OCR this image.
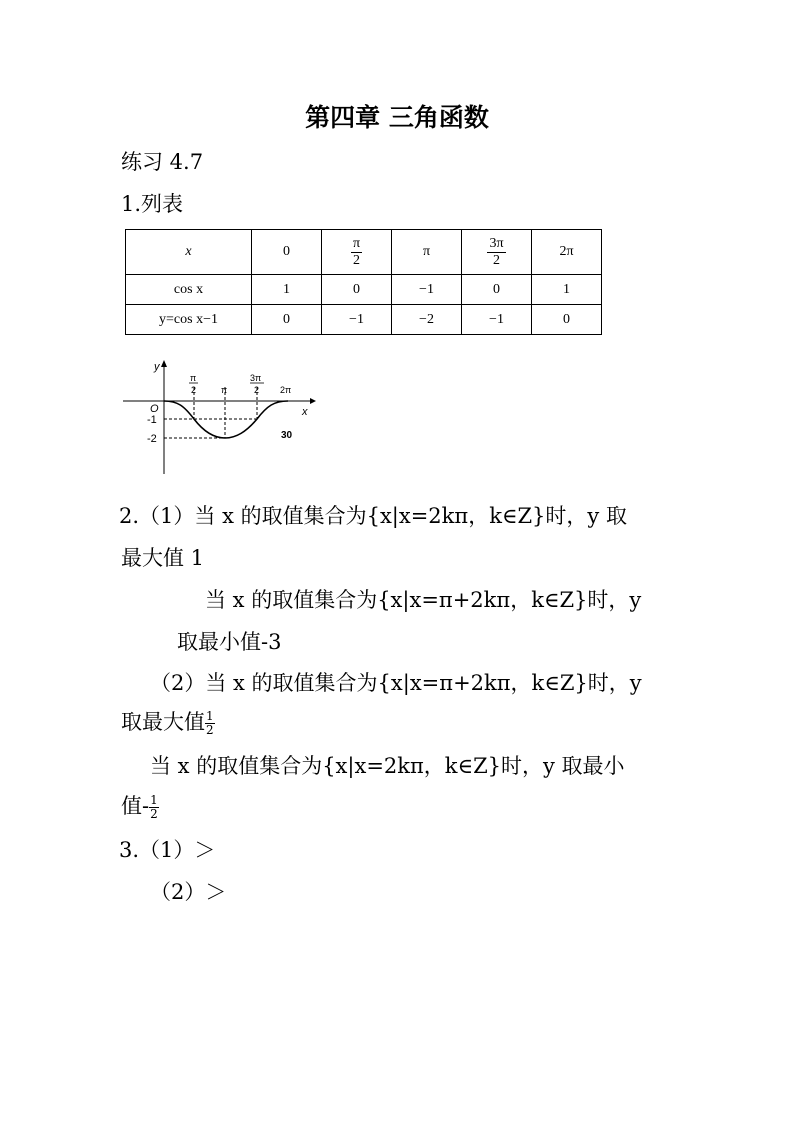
第四章 三角函数
练习 4.7
1.列表
x	0	$\frac{\pi}{2}$	π	$\frac{3\pi}{2}$	2π
cos x	1	0	−1	0	1
y=cos x−1	0	−1	−2	−1	0
y
x
O
π
2	π
3π
2 2π
-1
-2	30
2.（1）当 x 的取值集合为{x|x=2kπ，k∈Z}时，y 取
最大值 1
当 x 的取值集合为{x|x=π+2kπ，k∈Z}时，y
取最小值-3
（2）当 x 的取值集合为{x|x=π+2kπ，k∈Z}时，y
取最大值 $\frac{1}{2}$
当 x 的取值集合为{x|x=2kπ，k∈Z}时，y 取最小
值- $\frac{1}{2}$
3.（1）＞
（2）＞
